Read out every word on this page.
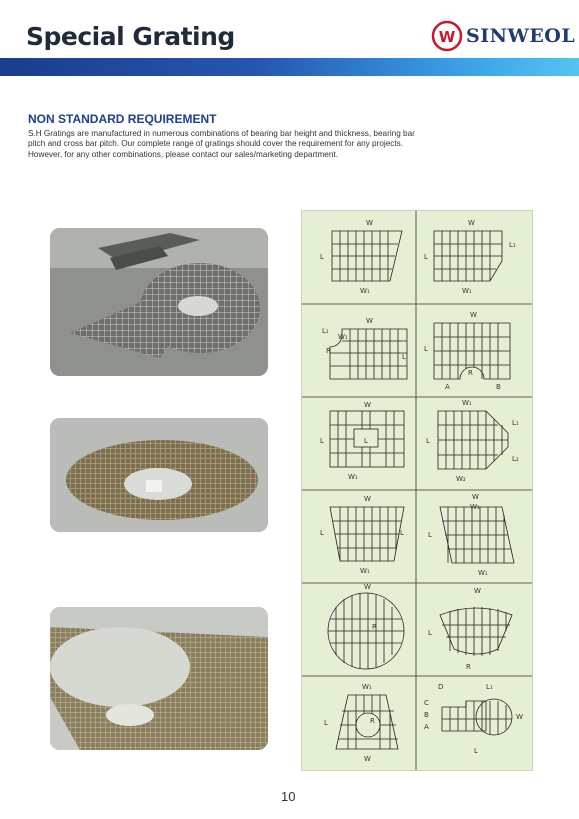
Special Grating	W SINWEOL
NON STANDARD REQUIREMENT

S.H Gratings are manufactured in numerous combinations of bearing bar height and thickness, bearing bar

pitch and cross bar pitch. Our complete range of gratings should cover the requirement for any projects.

However, for any other combinations, please contact our sales/marketing department.

W
W₁
L
W
W₁
L
L₁
W
W₁
R
L
L₁
W
L
A
R
B
W
L
L
W₁
W₁
L
W₂
L₁
L₂
W
L	L
W₁
W
W₁
L
W₁
W
R
W
L
R
W₁
L
W
R
D	L₁
C
B
A
W
L
10
